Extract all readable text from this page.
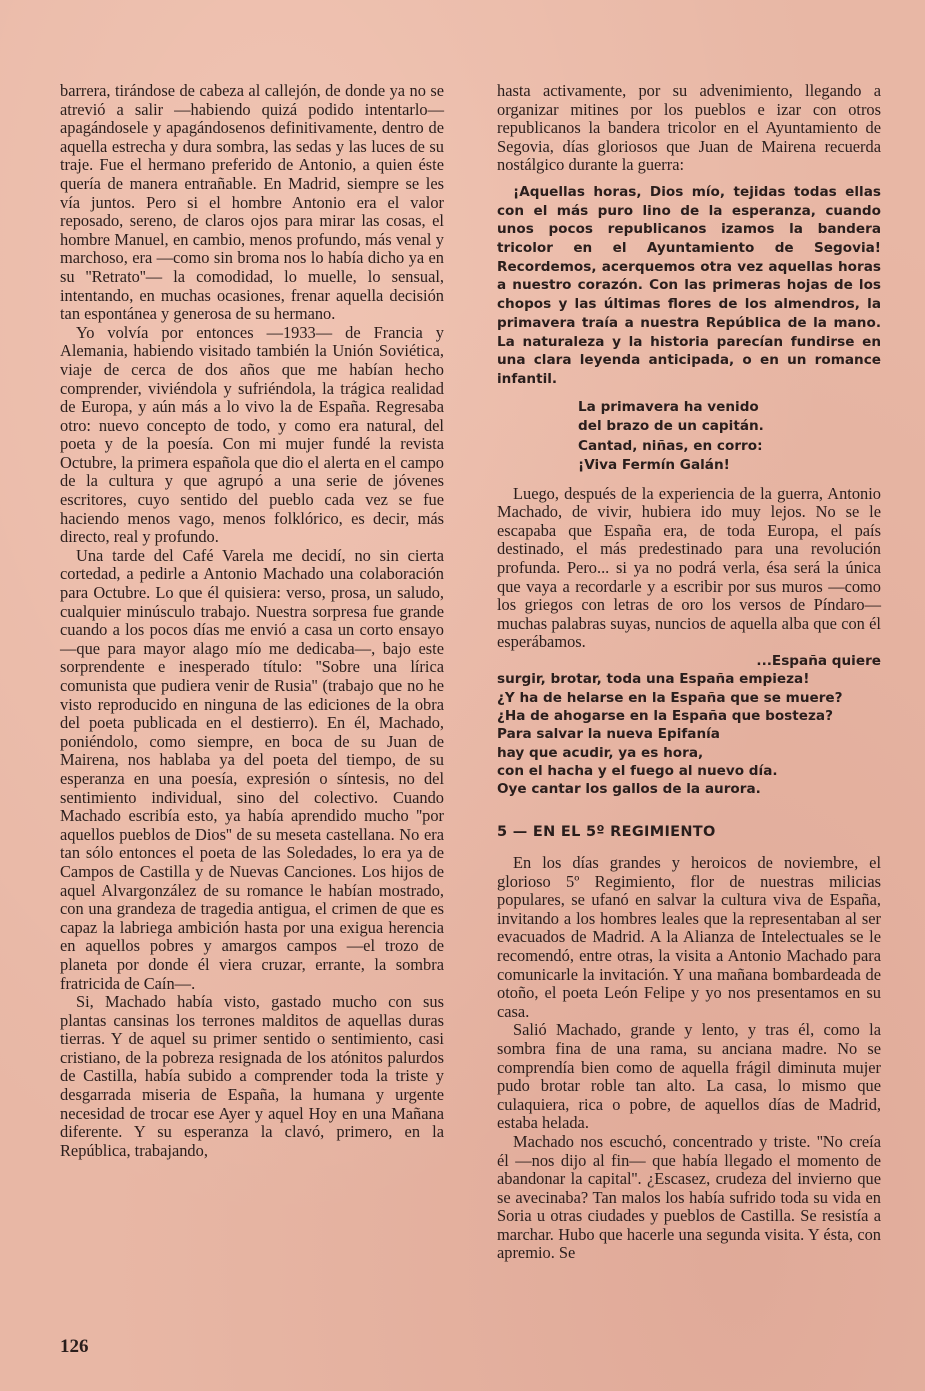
barrera, tirándose de cabeza al callejón, de donde ya no se atrevió a salir —habiendo quizá podido intentarlo— apagándosele y apagándosenos definitivamente, dentro de aquella estrecha y dura sombra, las sedas y las luces de su traje. Fue el hermano preferido de Antonio, a quien éste quería de manera entrañable. En Madrid, siempre se les vía juntos. Pero si el hombre Antonio era el valor reposado, sereno, de claros ojos para mirar las cosas, el hombre Manuel, en cambio, menos profundo, más venal y marchoso, era —como sin broma nos lo había dicho ya en su ''Retrato''— la comodidad, lo muelle, lo sensual, intentando, en muchas ocasiones, frenar aquella decisión tan espontánea y generosa de su hermano.

Yo volvía por entonces —1933— de Francia y Alemania, habiendo visitado también la Unión Soviética, viaje de cerca de dos años que me habían hecho comprender, viviéndola y sufriéndola, la trágica realidad de Europa, y aún más a lo vivo la de España. Regresaba otro: nuevo concepto de todo, y como era natural, del poeta y de la poesía. Con mi mujer fundé la revista Octubre, la primera española que dio el alerta en el campo de la cultura y que agrupó a una serie de jóvenes escritores, cuyo sentido del pueblo cada vez se fue haciendo menos vago, menos folklórico, es decir, más directo, real y profundo.

Una tarde del Café Varela me decidí, no sin cierta cortedad, a pedirle a Antonio Machado una colaboración para Octubre. Lo que él quisiera: verso, prosa, un saludo, cualquier minúsculo trabajo. Nuestra sorpresa fue grande cuando a los pocos días me envió a casa un corto ensayo —que para mayor alago mío me dedicaba—, bajo este sorprendente e inesperado título: ''Sobre una lírica comunista que pudiera venir de Rusia'' (trabajo que no he visto reproducido en ninguna de las ediciones de la obra del poeta publicada en el destierro). En él, Machado, poniéndolo, como siempre, en boca de su Juan de Mairena, nos hablaba ya del poeta del tiempo, de su esperanza en una poesía, expresión o síntesis, no del sentimiento individual, sino del colectivo. Cuando Machado escribía esto, ya había aprendido mucho ''por aquellos pueblos de Dios'' de su meseta castellana. No era tan sólo entonces el poeta de las Soledades, lo era ya de Campos de Castilla y de Nuevas Canciones. Los hijos de aquel Alvargonzález de su romance le habían mostrado, con una grandeza de tragedia antigua, el crimen de que es capaz la labriega ambición hasta por una exigua herencia en aquellos pobres y amargos campos —el trozo de planeta por donde él viera cruzar, errante, la sombra fratricida de Caín—.

Si, Machado había visto, gastado mucho con sus plantas cansinas los terrones malditos de aquellas duras tierras. Y de aquel su primer sentido o sentimiento, casi cristiano, de la pobreza resignada de los atónitos palurdos de Castilla, había subido a comprender toda la triste y desgarrada miseria de España, la humana y urgente necesidad de trocar ese Ayer y aquel Hoy en una Mañana diferente. Y su esperanza la clavó, primero, en la República, trabajando,

hasta activamente, por su advenimiento, llegando a organizar mitines por los pueblos e izar con otros republicanos la bandera tricolor en el Ayuntamiento de Segovia, días gloriosos que Juan de Mairena recuerda nostálgico durante la guerra:

¡Aquellas horas, Dios mío, tejidas todas ellas con el más puro lino de la esperanza, cuando unos pocos republicanos izamos la bandera tricolor en el Ayuntamiento de Segovia! Recordemos, acerquemos otra vez aquellas horas a nuestro corazón. Con las primeras hojas de los chopos y las últimas flores de los almendros, la primavera traía a nuestra República de la mano. La naturaleza y la historia parecían fundirse en una clara leyenda anticipada, o en un romance infantil.

La primavera ha venido
del brazo de un capitán.
Cantad, niñas, en corro:
¡Viva Fermín Galán!

Luego, después de la experiencia de la guerra, Antonio Machado, de vivir, hubiera ido muy lejos. No se le escapaba que España era, de toda Europa, el país destinado, el más predestinado para una revolución profunda. Pero... si ya no podrá verla, ésa será la única que vaya a recordarle y a escribir por sus muros —como los griegos con letras de oro los versos de Píndaro— muchas palabras suyas, nuncios de aquella alba que con él esperábamos.

...España quiere
surgir, brotar, toda una España empieza!
¿Y ha de helarse en la España que se muere?
¿Ha de ahogarse en la España que bosteza?
Para salvar la nueva Epifanía
hay que acudir, ya es hora,
con el hacha y el fuego al nuevo día.
Oye cantar los gallos de la aurora.
5 — EN EL 5º REGIMIENTO

En los días grandes y heroicos de noviembre, el glorioso 5º Regimiento, flor de nuestras milicias populares, se ufanó en salvar la cultura viva de España, invitando a los hombres leales que la representaban al ser evacuados de Madrid. A la Alianza de Intelectuales se le recomendó, entre otras, la visita a Antonio Machado para comunicarle la invitación. Y una mañana bombardeada de otoño, el poeta León Felipe y yo nos presentamos en su casa.

Salió Machado, grande y lento, y tras él, como la sombra fina de una rama, su anciana madre. No se comprendía bien como de aquella frágil diminuta mujer pudo brotar roble tan alto. La casa, lo mismo que culaquiera, rica o pobre, de aquellos días de Madrid, estaba helada.

Machado nos escuchó, concentrado y triste. ''No creía él —nos dijo al fin— que había llegado el momento de abandonar la capital''. ¿Escasez, crudeza del invierno que se avecinaba? Tan malos los había sufrido toda su vida en Soria u otras ciudades y pueblos de Castilla. Se resistía a marchar. Hubo que hacerle una segunda visita. Y ésta, con apremio. Se

126
